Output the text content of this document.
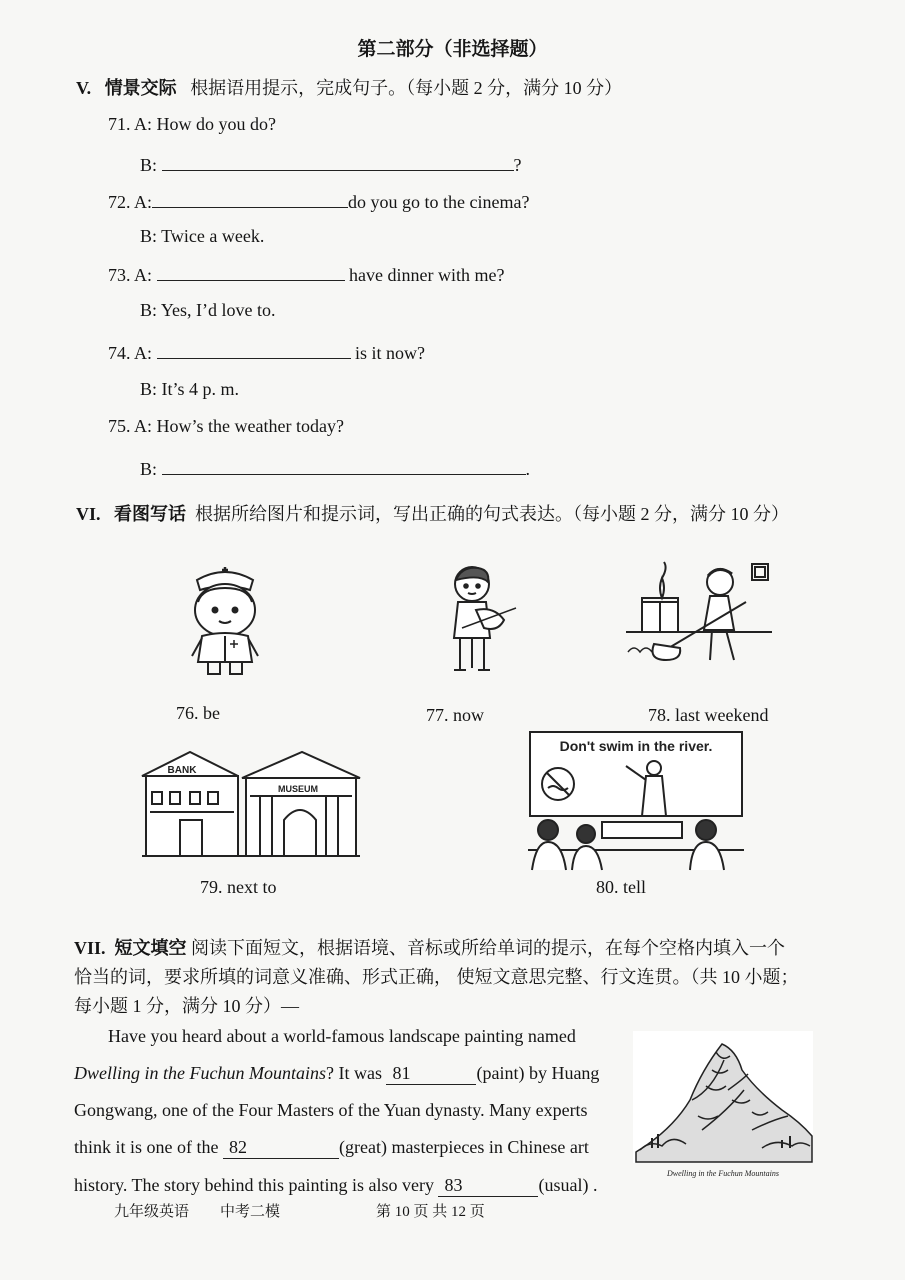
第二部分（非选择题）
V. 情景交际 根据语用提示，完成句子。（每小题 2 分，满分 10 分）
71. A: How do you do?
B:	?
72. A:	do you go to the cinema?
B: Twice a week.
73. A:	have dinner with me?
B: Yes, I’d love to.
74. A:	is it now?
B: It’s 4 p. m.
75. A: How’s the weather today?
B:	.
VI. 看图写话 根据所给图片和提示词，写出正确的句式表达。（每小题 2 分，满分 10 分）
76. be	77. now	78. last weekend
BANK
MUSEUM
Don't swim in the river.
79. next to	80. tell
VII. 短文填空 阅读下面短文，根据语境、音标或所给单词的提示，在每个空格内填入一个
恰当的词，要求所填的词意义准确、形式正确， 使短文意思完整、行文连贯。（共 10 小题；
每小题 1 分，满分 10 分）—
Have you heard about a world-famous landscape painting named
Dwelling in the Fuchun Mountains? It was 81	(paint) by Huang
Gongwang, one of the Four Masters of the Yuan dynasty. Many experts
think it is one of the 82	(great) masterpieces in Chinese art
history. The story behind this painting is also very 83	(usual) .
Dwelling in the Fuchun Mountains
九年级英语 中考二模	第 10 页 共 12 页
